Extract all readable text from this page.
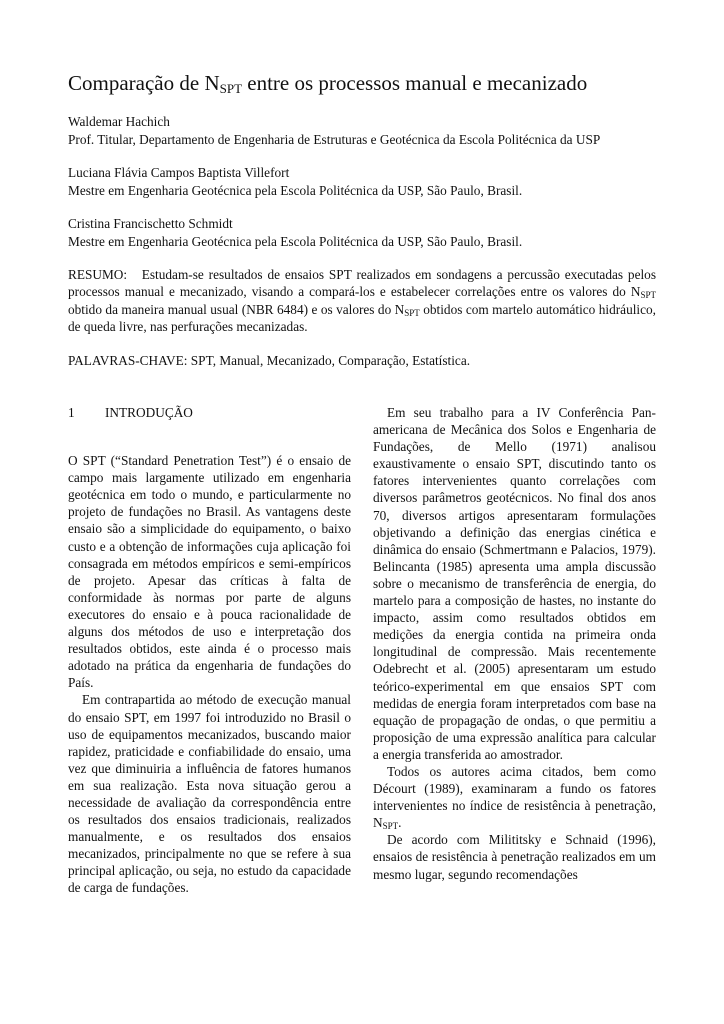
Comparação de $N_{SPT}$ entre os processos manual e mecanizado
Waldemar Hachich
Prof. Titular, Departamento de Engenharia de Estruturas e Geotécnica da Escola Politécnica da USP
Luciana Flávia Campos Baptista Villefort
Mestre em Engenharia Geotécnica pela Escola Politécnica da USP, São Paulo, Brasil.
Cristina Francischetto Schmidt
Mestre em Engenharia Geotécnica pela Escola Politécnica da USP, São Paulo, Brasil.
RESUMO: Estudam-se resultados de ensaios SPT realizados em sondagens a percussão executadas pelos processos manual e mecanizado, visando a compará-los e estabelecer correlações entre os valores do $N_{SPT}$ obtido da maneira manual usual (NBR 6484) e os valores do $N_{SPT}$ obtidos com martelo automático hidráulico, de queda livre, nas perfurações mecanizadas.
PALAVRAS-CHAVE: SPT, Manual, Mecanizado, Comparação, Estatística.
1	INTRODUÇÃO

O SPT (“Standard Penetration Test”) é o ensaio de campo mais largamente utilizado em engenharia geotécnica em todo o mundo, e particularmente no projeto de fundações no Brasil. As vantagens deste ensaio são a simplicidade do equipamento, o baixo custo e a obtenção de informações cuja aplicação foi consagrada em métodos empíricos e semi-empíricos de projeto. Apesar das críticas à falta de conformidade às normas por parte de alguns executores do ensaio e à pouca racionalidade de alguns dos métodos de uso e interpretação dos resultados obtidos, este ainda é o processo mais adotado na prática da engenharia de fundações do País.

Em contrapartida ao método de execução manual do ensaio SPT, em 1997 foi introduzido no Brasil o uso de equipamentos mecanizados, buscando maior rapidez, praticidade e confiabilidade do ensaio, uma vez que diminuiria a influência de fatores humanos em sua realização. Esta nova situação gerou a necessidade de avaliação da correspondência entre os resultados dos ensaios tradicionais, realizados manualmente, e os resultados dos ensaios mecanizados, principalmente no que se refere à sua principal aplicação, ou seja, no estudo da capacidade de carga de fundações.

Em seu trabalho para a IV Conferência Pan-americana de Mecânica dos Solos e Engenharia de Fundações, de Mello (1971) analisou exaustivamente o ensaio SPT, discutindo tanto os fatores intervenientes quanto correlações com diversos parâmetros geotécnicos. No final dos anos 70, diversos artigos apresentaram formulações objetivando a definição das energias cinética e dinâmica do ensaio (Schmertmann e Palacios, 1979). Belincanta (1985) apresenta uma ampla discussão sobre o mecanismo de transferência de energia, do martelo para a composição de hastes, no instante do impacto, assim como resultados obtidos em medições da energia contida na primeira onda longitudinal de compressão. Mais recentemente Odebrecht et al. (2005) apresentaram um estudo teórico-experimental em que ensaios SPT com medidas de energia foram interpretados com base na equação de propagação de ondas, o que permitiu a proposição de uma expressão analítica para calcular a energia transferida ao amostrador.

Todos os autores acima citados, bem como Décourt (1989), examinaram a fundo os fatores intervenientes no índice de resistência à penetração, $N_{SPT}$.

De acordo com Milititsky e Schnaid (1996), ensaios de resistência à penetração realizados em um mesmo lugar, segundo recomendações
